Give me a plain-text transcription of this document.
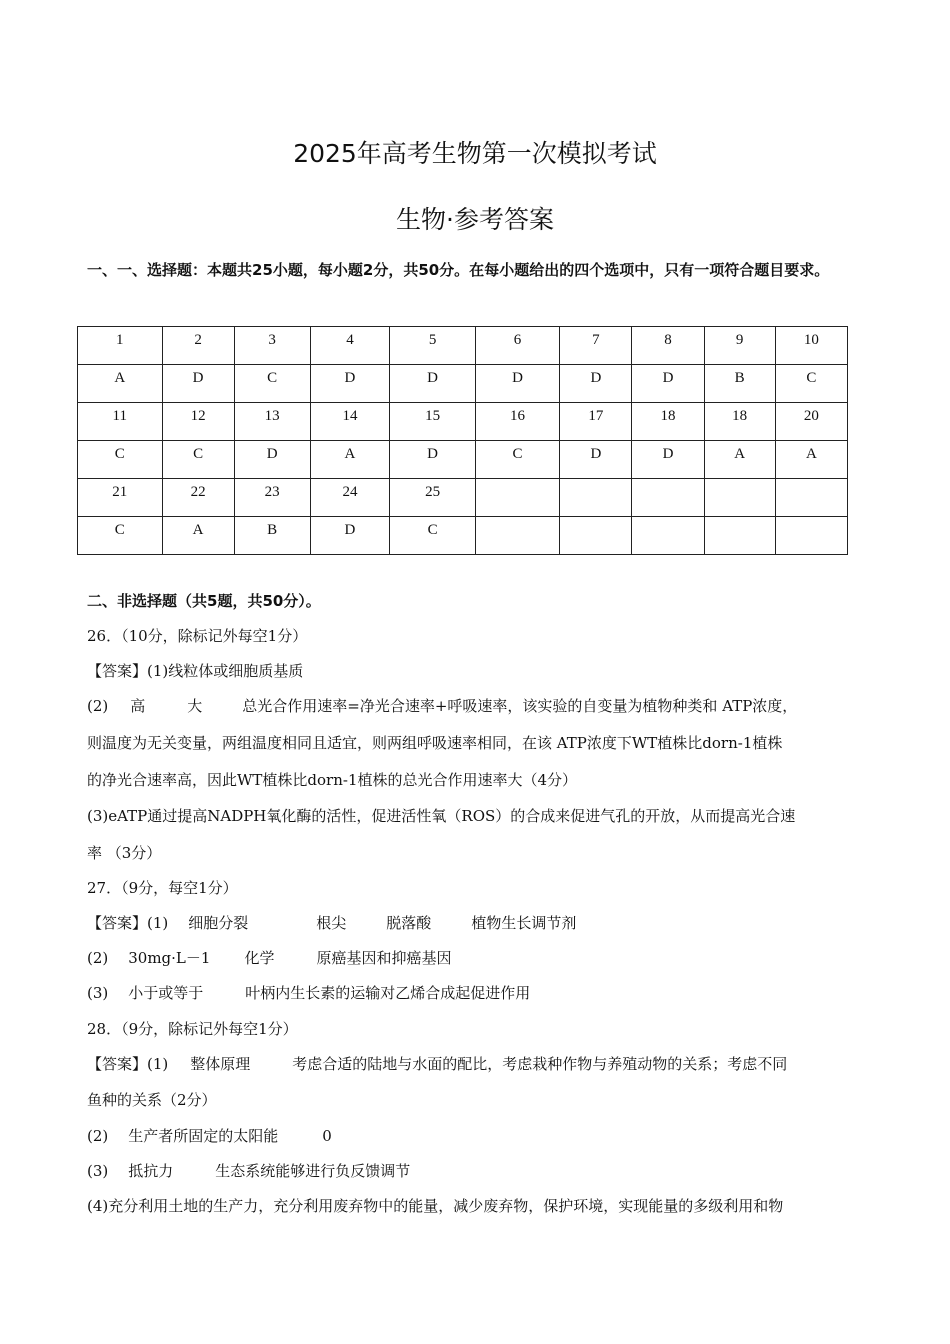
2025年高考生物第一次模拟考试
生物·参考答案
一、一、选择题：本题共25小题，每小题2分，共50分。在每小题给出的四个选项中，只有一项符合题目要求。
1	2	3	4	5	6	7	8	9	10
A	D	C	D	D	D	D	D	B	C
11	12	13	14	15	16	17	18	18	20
C	C	D	A	D	C	D	D	A	A
21	22	23	24	25					
C	A	B	D	C					
二、非选择题（共5题，共50分）。
26．（10分，除标记外每空1分）
【答案】(1)线粒体或细胞质基质
(2) 高	大	总光合作用速率=净光合速率+呼吸速率，该实验的自变量为植物种类和 ATP浓度，
则温度为无关变量，两组温度相同且适宜，则两组呼吸速率相同，在该 ATP浓度下WT植株比dorn-1植株
的净光合速率高，因此WT植株比dorn-1植株的总光合作用速率大（4分）
(3)eATP通过提高NADPH氧化酶的活性，促进活性氧（ROS）的合成来促进气孔的开放，从而提高光合速
率 （3分）
27．（9分，每空1分）
【答案】(1) 细胞分裂	根尖	脱落酸	植物生长调节剂
(2) 30mg·L－1 化学	原癌基因和抑癌基因
(3) 小于或等于	叶柄内生长素的运输对乙烯合成起促进作用
28．（9分，除标记外每空1分）
【答案】(1) 整体原理	考虑合适的陆地与水面的配比，考虑栽种作物与养殖动物的关系；考虑不同
鱼种的关系（2分）
(2) 生产者所固定的太阳能	0
(3) 抵抗力	生态系统能够进行负反馈调节
(4)充分利用土地的生产力，充分利用废弃物中的能量，减少废弃物，保护环境，实现能量的多级利用和物
